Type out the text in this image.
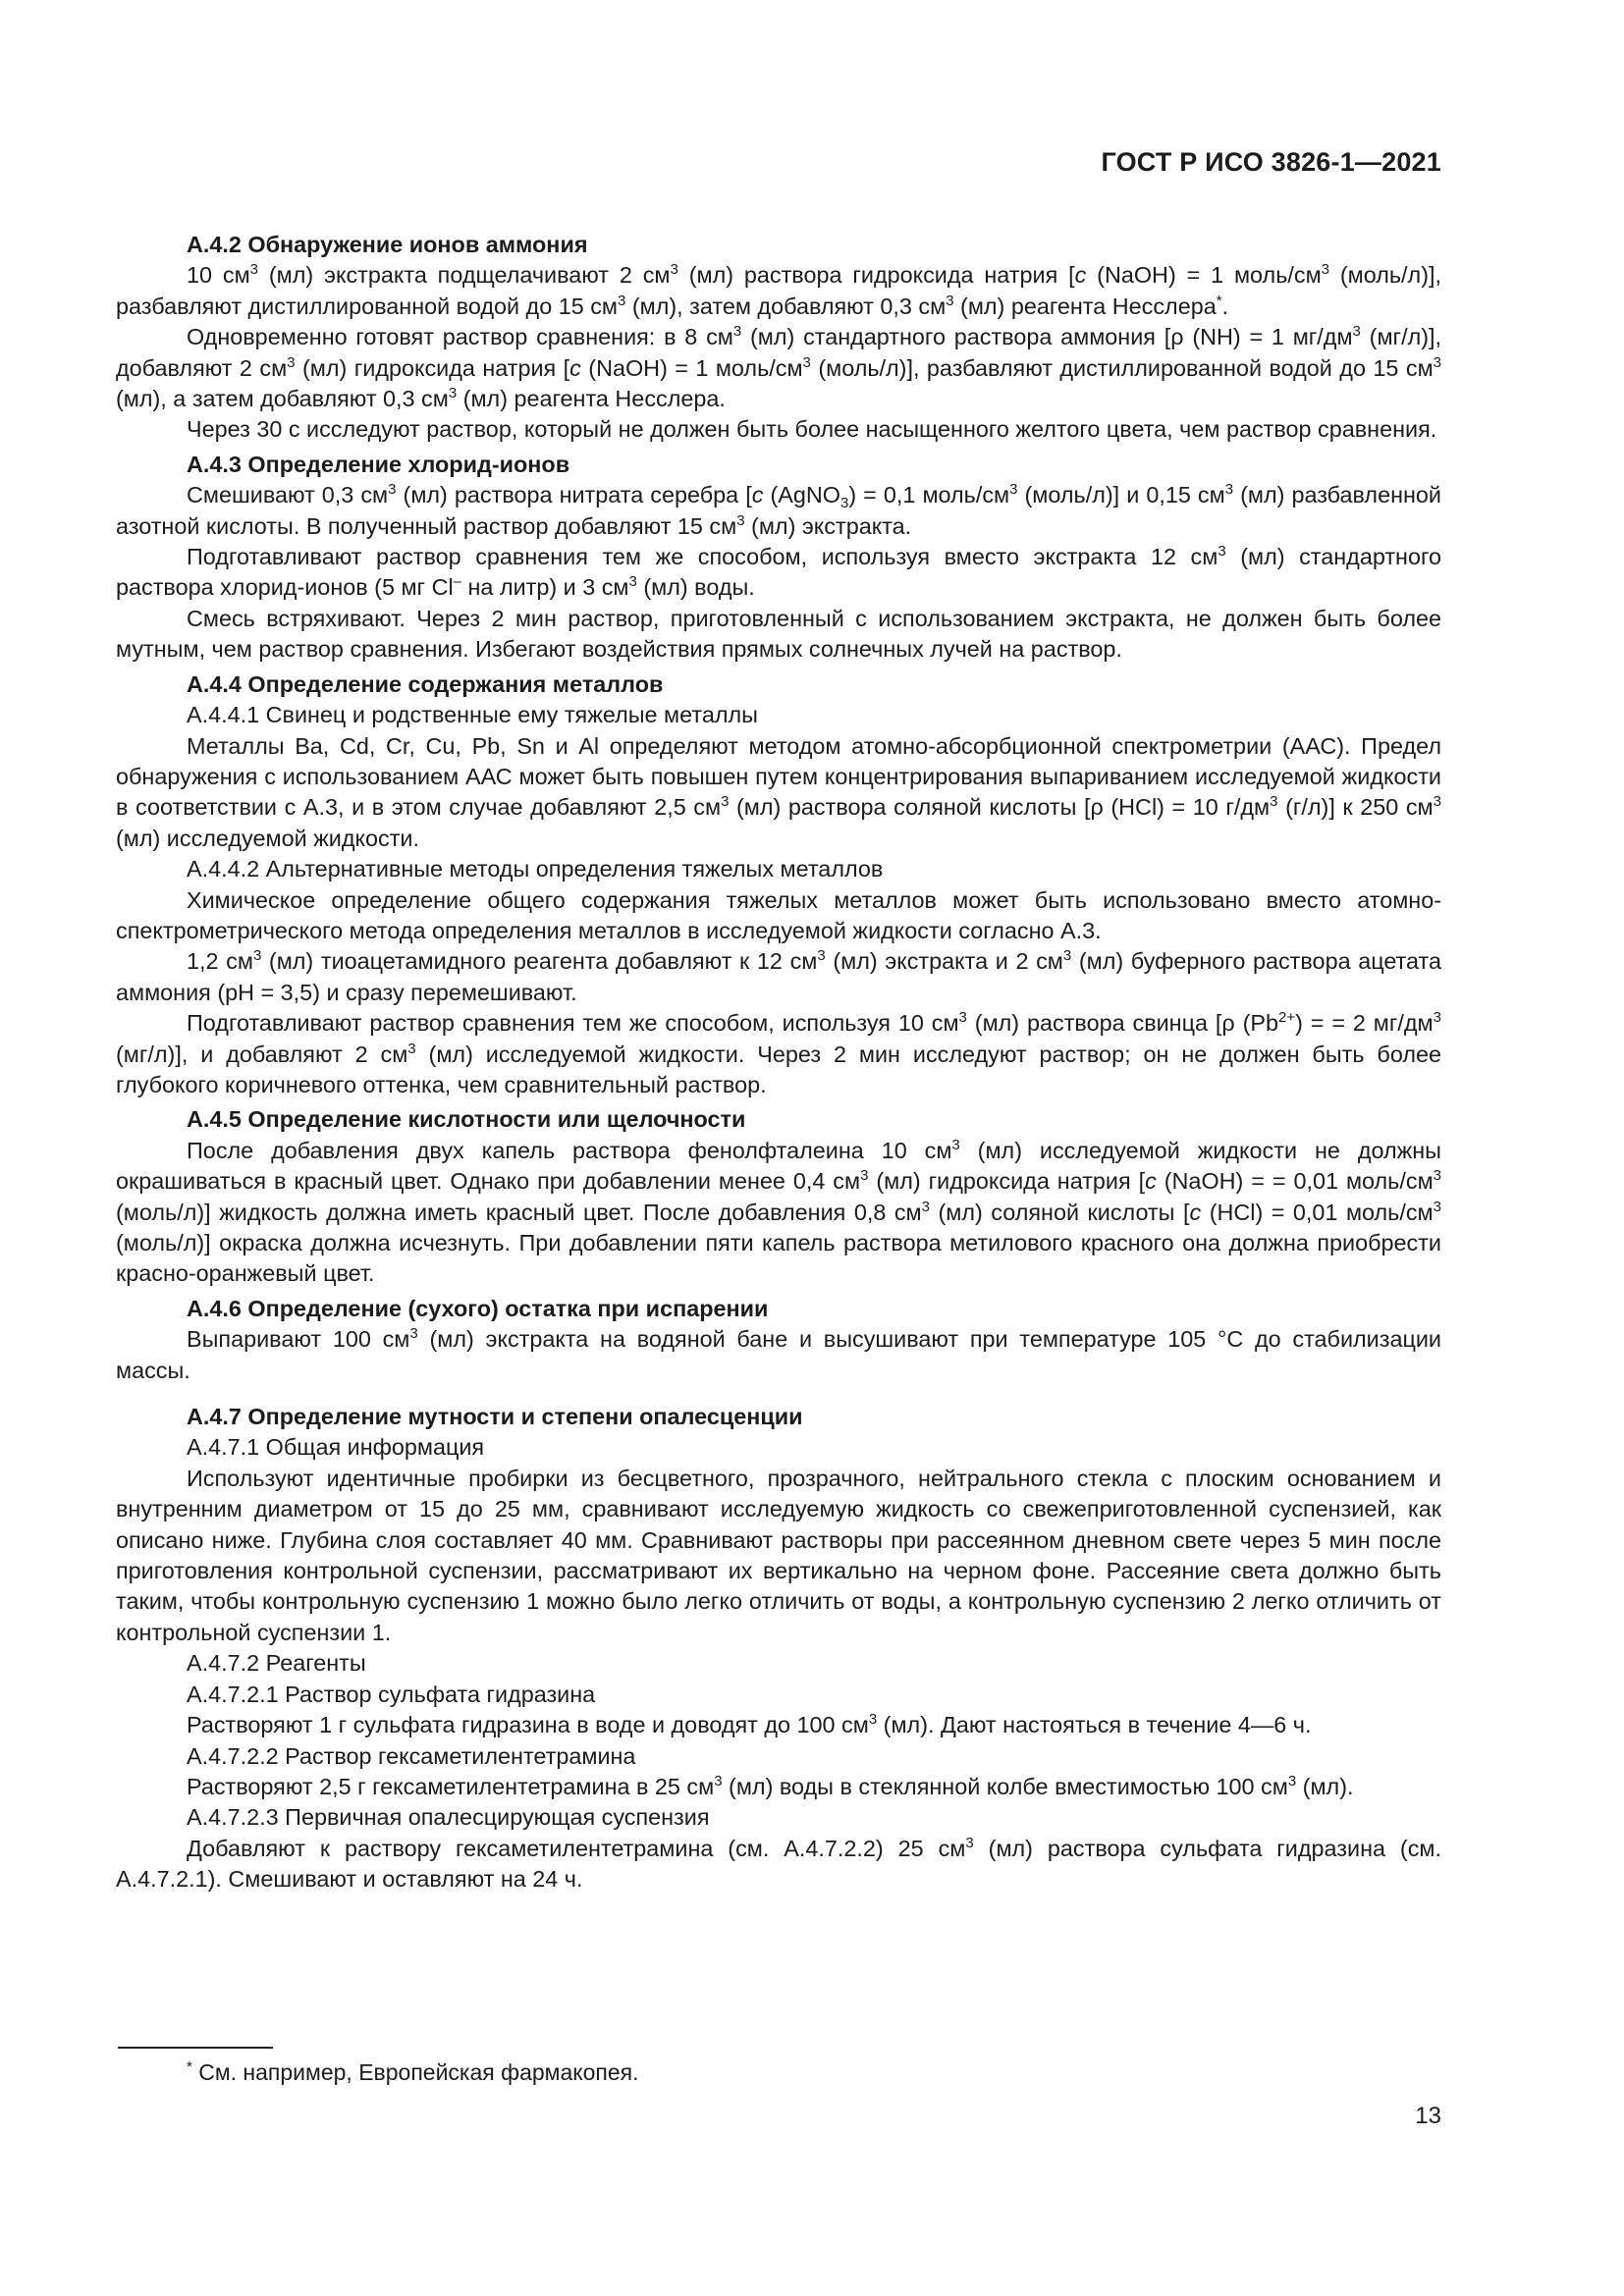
ГОСТ Р ИСО 3826-1—2021
А.4.2 Обнаружение ионов аммония

10 $см^3$ (мл) экстракта подщелачивают 2 $см^3$ (мл) раствора гидроксида натрия [c (NaOH) = 1 моль/$см^3$ (моль/л)], разбавляют дистиллированной водой до 15 $см^3$ (мл), затем добавляют 0,3 $см^3$ (мл) реагента Несслера*.

Одновременно готовят раствор сравнения: в 8 $см^3$ (мл) стандартного раствора аммония [ρ (NH) = 1 $мг/дм^3$ (мг/л)], добавляют 2 $см^3$ (мл) гидроксида натрия [c (NaOH) = 1 моль/$см^3$ (моль/л)], разбавляют дистиллированной водой до 15 $см^3$ (мл), а затем добавляют 0,3 $см^3$ (мл) реагента Несслера.

Через 30 с исследуют раствор, который не должен быть более насыщенного желтого цвета, чем раствор сравнения.

А.4.3 Определение хлорид-ионов

Смешивают 0,3 $см^3$ (мл) раствора нитрата серебра [c (AgNO$_3$) = 0,1 моль/$см^3$ (моль/л)] и 0,15 $см^3$ (мл) разбавленной азотной кислоты. В полученный раствор добавляют 15 $см^3$ (мл) экстракта.

Подготавливают раствор сравнения тем же способом, используя вместо экстракта 12 $см^3$ (мл) стандартного раствора хлорид-ионов (5 мг Cl– на литр) и 3 $см^3$ (мл) воды.

Смесь встряхивают. Через 2 мин раствор, приготовленный с использованием экстракта, не должен быть более мутным, чем раствор сравнения. Избегают воздействия прямых солнечных лучей на раствор.

А.4.4 Определение содержания металлов

А.4.4.1 Свинец и родственные ему тяжелые металлы

Металлы Ba, Cd, Cr, Cu, Pb, Sn и Al определяют методом атомно-абсорбционной спектрометрии (ААС). Предел обнаружения с использованием ААС может быть повышен путем концентрирования выпариванием исследуемой жидкости в соответствии с А.3, и в этом случае добавляют 2,5 $см^3$ (мл) раствора соляной кислоты [ρ (HCl) = 10 $г/дм^3$ (г/л)] к 250 $см^3$ (мл) исследуемой жидкости.

А.4.4.2 Альтернативные методы определения тяжелых металлов

Химическое определение общего содержания тяжелых металлов может быть использовано вместо атомно-спектрометрического метода определения металлов в исследуемой жидкости согласно А.3.

1,2 $см^3$ (мл) тиоацетамидного реагента добавляют к 12 $см^3$ (мл) экстракта и 2 $см^3$ (мл) буферного раствора ацетата аммония (pH = 3,5) и сразу перемешивают.

Подготавливают раствор сравнения тем же способом, используя 10 $см^3$ (мл) раствора свинца [ρ $(Pb^{2+})$ = = 2 $мг/дм^3$ (мг/л)], и добавляют 2 $см^3$ (мл) исследуемой жидкости. Через 2 мин исследуют раствор; он не должен быть более глубокого коричневого оттенка, чем сравнительный раствор.

А.4.5 Определение кислотности или щелочности

После добавления двух капель раствора фенолфталеина 10 $см^3$ (мл) исследуемой жидкости не должны окрашиваться в красный цвет. Однако при добавлении менее 0,4 $см^3$ (мл) гидроксида натрия [c (NaOH) = = 0,01 моль/$см^3$ (моль/л)] жидкость должна иметь красный цвет. После добавления 0,8 $см^3$ (мл) соляной кислоты [c (HCl) = 0,01 моль/$см^3$ (моль/л)] окраска должна исчезнуть. При добавлении пяти капель раствора метилового красного она должна приобрести красно-оранжевый цвет.

А.4.6 Определение (сухого) остатка при испарении

Выпаривают 100 $см^3$ (мл) экстракта на водяной бане и высушивают при температуре 105 °С до стабилизации массы.

А.4.7 Определение мутности и степени опалесценции

А.4.7.1 Общая информация

Используют идентичные пробирки из бесцветного, прозрачного, нейтрального стекла с плоским основанием и внутренним диаметром от 15 до 25 мм, сравнивают исследуемую жидкость со свежеприготовленной суспензией, как описано ниже. Глубина слоя составляет 40 мм. Сравнивают растворы при рассеянном дневном свете через 5 мин после приготовления контрольной суспензии, рассматривают их вертикально на черном фоне. Рассеяние света должно быть таким, чтобы контрольную суспензию 1 можно было легко отличить от воды, а контрольную суспензию 2 легко отличить от контрольной суспензии 1.

А.4.7.2 Реагенты

А.4.7.2.1 Раствор сульфата гидразина

Растворяют 1 г сульфата гидразина в воде и доводят до 100 $см^3$ (мл). Дают настояться в течение 4—6 ч.

А.4.7.2.2 Раствор гексаметилентетрамина

Растворяют 2,5 г гексаметилентетрамина в 25 $см^3$ (мл) воды в стеклянной колбе вместимостью 100 $см^3$ (мл).

А.4.7.2.3 Первичная опалесцирующая суспензия

Добавляют к раствору гексаметилентетрамина (см. А.4.7.2.2) 25 $см^3$ (мл) раствора сульфата гидразина (см. А.4.7.2.1). Смешивают и оставляют на 24 ч.

* См. например, Европейская фармакопея.
13
